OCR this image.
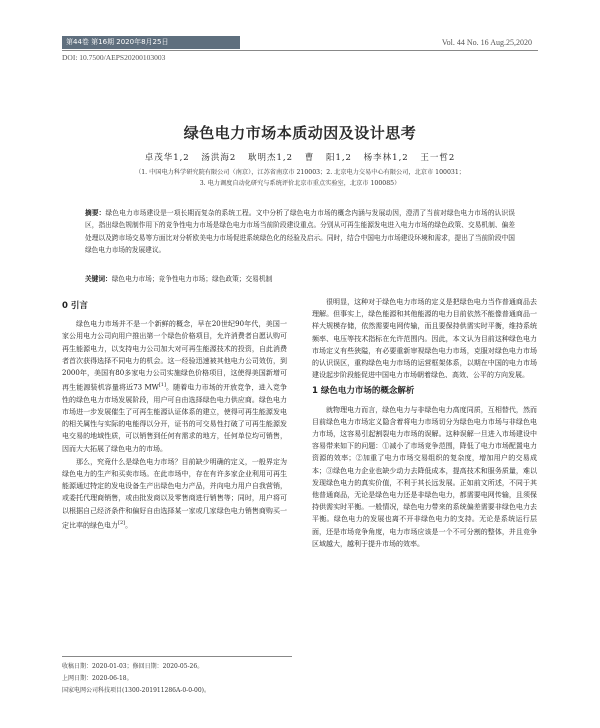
第44卷 第16期 2020年8月25日	Vol. 44 No. 16 Aug.25,2020
DOI: 10.7500/AEPS20200103003
绿色电力市场本质动因及设计思考
卓茂华1,2 汤洪海2 耿明杰1,2 曹 阳1,2 杨李林1,2 王一哲2
（1. 中国电力科学研究院有限公司（南京），江苏省南京市 210003；2. 北京电力交易中心有限公司，北京市 100031；
3. 电力调度自动化研究与系统评价北京市重点实验室，北京市 100085）
摘要：绿色电力市场建设是一项长期而复杂的系统工程。文中分析了绿色电力市场的概念内涵与发展动因，澄清了当前对绿色电力市场的认识误区，指出绿色规制作用下的竞争性电力市场是绿色电力市场当前阶段建设重点。分别从可再生能源发电进入电力市场的绿色政策、交易机制、偏差处理以及跨市场交易等方面比对分析欧美电力市场促进系统绿色化的经验及启示。同时，结合中国电力市场建设环境和需求，提出了当前阶段中国绿色电力市场的发展建议。
关键词：绿色电力市场；竞争性电力市场；绿色政策；交易机制
0 引言

绿色电力市场并不是一个新鲜的概念，早在20世纪90年代，美国一家公用电力公司向用户推出第一个绿色价格项目，允许消费者自愿认购可再生能源电力，以支持电力公司加大对可再生能源技术的投资，自此消费者首次获得选择不同电力的机会。这一经验迅速被其他电力公司效仿，到2000年，美国有80多家电力公司实施绿色价格项目，这使得美国新增可再生能源装机容量将近73 MW[1]。随着电力市场的开放竞争，进入竞争性的绿色电力市场发展阶段，用户可自由选择绿色电力供应商。绿色电力市场进一步发展催生了可再生能源认证体系的建立，使得可再生能源发电的相关属性与实际的电能得以分开，证书的可交易性打破了可再生能源发电交易的地域性质，可以销售到任何有需求的地方，任何单位均可销售，因而大大拓展了绿色电力的市场。

那么，究竟什么是绿色电力市场？目前缺少明确的定义，一般界定为绿色电力的生产和买卖市场。在此市场中，存在有许多家企业利用可再生能源通过特定的发电设备生产出绿色电力产品，并向电力用户自我营销，或委托代理商销售，或由批发商以及零售商进行销售等；同时，用户将可以根据自己经济条件和偏好自由选择某一家或几家绿色电力销售商购买一定比率的绿色电力[2]。

很明显，这种对于绿色电力市场的定义是把绿色电力当作普通商品去理解。但事实上，绿色能源和其他能源的电力目前依然不能像普通商品一样大规模存储，依然需要电网传输，而且要保持供需实时平衡，维持系统频率、电压等技术指标在允许范围内。因此，本文认为目前这种绿色电力市场定义有些狭隘，有必要重新审视绿色电力市场，克服对绿色电力市场的认识误区，重构绿色电力市场的运营框架体系，以期在中国的电力市场建设起步阶段能促进中国电力市场朝着绿色、高效、公平的方向发展。

1 绿色电力市场的概念解析

就物理电力而言，绿色电力与非绿色电力高度同质，互相替代，然而目前绿色电力市场定义隐含着将电力市场切分为绿色电力市场与非绿色电力市场，这容易引起割裂电力市场的误解。这种误解一旦进入市场建设中容易带来如下的问题：①减小了市场竞争范围，降低了电力市场配置电力资源的效率；②加重了电力市场交易组织的复杂度，增加用户的交易成本；③绿色电力企业也缺少动力去降低成本，提高技术和服务质量，难以发现绿色电力的真实价值，不利于其长远发展。正如前文所述，不同于其他普通商品，无论是绿色电力还是非绿色电力，都需要电网传输，且须保持供需实时平衡。一般情况，绿色电力带来的系统偏差需要非绿色电力去平衡。绿色电力的发展也离不开非绿色电力的支持。无论是系统运行层面，还是市场竞争角度，电力市场应该是一个不可分割的整体，并且竞争区域越大，越利于提升市场的效率。

收稿日期：2020-01-03；修回日期：2020-05-26。
上网日期：2020-06-18。
国家电网公司科技项目(1300-201911286A-0-0-00)。
